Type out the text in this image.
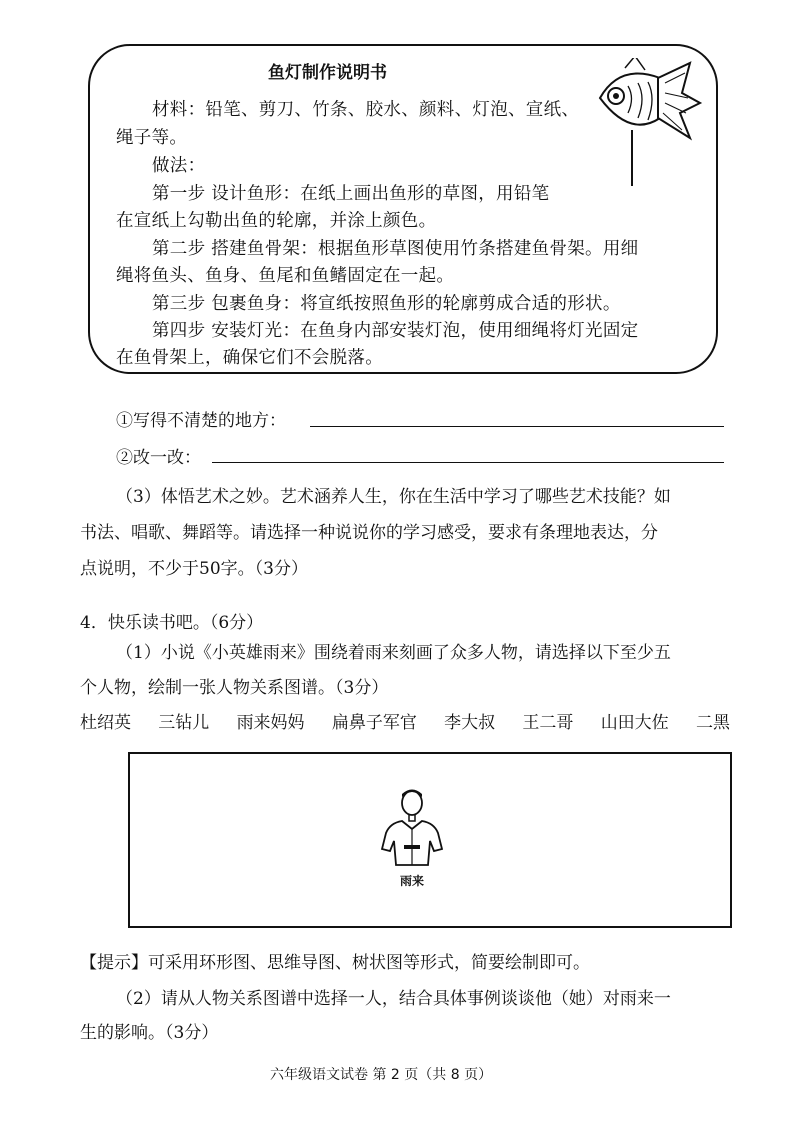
鱼灯制作说明书
材料：铅笔、剪刀、竹条、胶水、颜料、灯泡、宣纸、
绳子等。
做法：
第一步 设计鱼形：在纸上画出鱼形的草图，用铅笔
在宣纸上勾勒出鱼的轮廓，并涂上颜色。
第二步 搭建鱼骨架：根据鱼形草图使用竹条搭建鱼骨架。用细
绳将鱼头、鱼身、鱼尾和鱼鳍固定在一起。
第三步 包裹鱼身：将宣纸按照鱼形的轮廓剪成合适的形状。
第四步 安装灯光：在鱼身内部安装灯泡，使用细绳将灯光固定
在鱼骨架上，确保它们不会脱落。
①写得不清楚的地方：
②改一改：
（3）体悟艺术之妙。艺术涵养人生，你在生活中学习了哪些艺术技能？如
书法、唱歌、舞蹈等。请选择一种说说你的学习感受，要求有条理地表达，分
点说明，不少于50字。（3分）
4．快乐读书吧。（6分）
（1）小说《小英雄雨来》围绕着雨来刻画了众多人物，请选择以下至少五
个人物，绘制一张人物关系图谱。（3分）
杜绍英 三钻儿 雨来妈妈 扁鼻子军官 李大叔 王二哥 山田大佐 二黑
雨来
【提示】可采用环形图、思维导图、树状图等形式，简要绘制即可。
（2）请从人物关系图谱中选择一人，结合具体事例谈谈他（她）对雨来一
生的影响。（3分）
六年级语文试卷 第 2 页（共 8 页）
